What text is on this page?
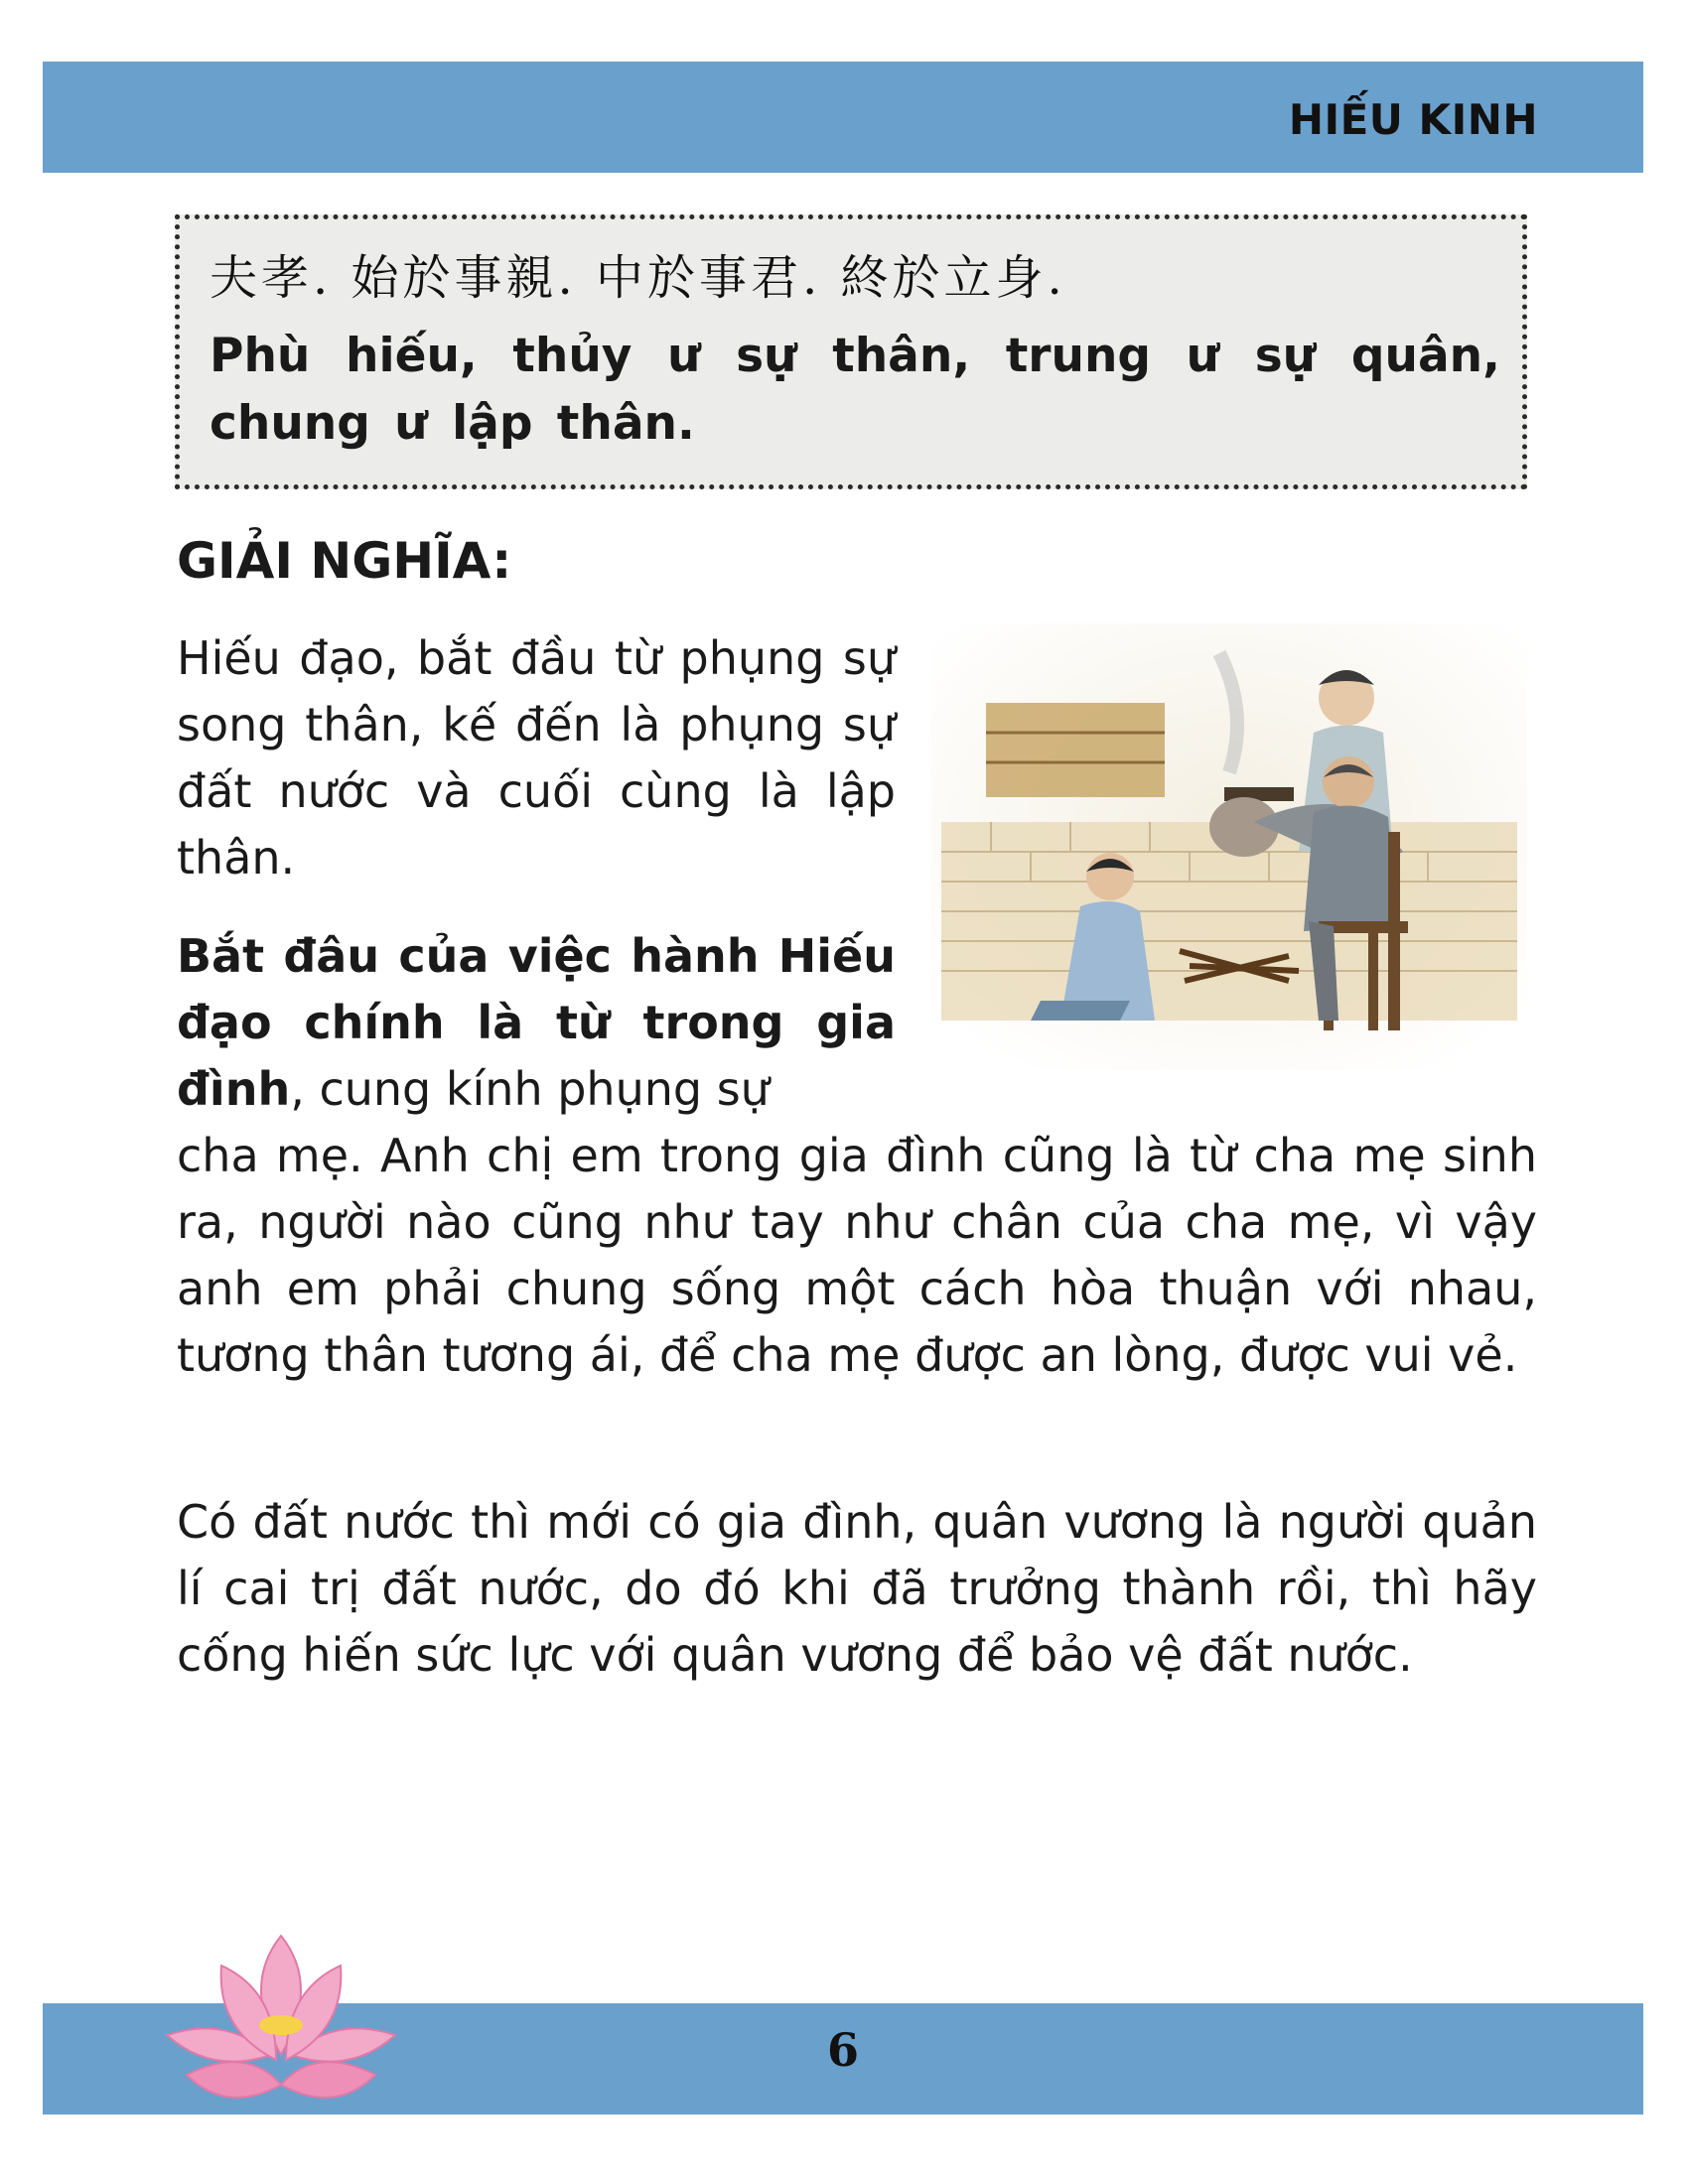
HIẾU KINH
夫孝. 始於事親. 中於事君. 終於立身.
Phù hiếu, thủy ư sự thân, trung ư sự quân, chung ư lập thân.
GIẢI NGHĨA:
Hiếu đạo, bắt đầu từ phụng sự song thân, kế đến là phụng sự đất nước và cuối cùng là lập thân.
Bắt đâu của việc hành Hiếu đạo chính là từ trong gia đình, cung kính phụng sự
cha mẹ. Anh chị em trong gia đình cũng là từ cha mẹ sinh ra, người nào cũng như tay như chân của cha mẹ, vì vậy anh em phải chung sống một cách hòa thuận với nhau, tương thân tương ái, để cha mẹ được an lòng, được vui vẻ.
Có đất nước thì mới có gia đình, quân vương là người quản lí cai trị đất nước, do đó khi đã trưởng thành rồi, thì hãy cống hiến sức lực với quân vương để bảo vệ đất nước.
6
